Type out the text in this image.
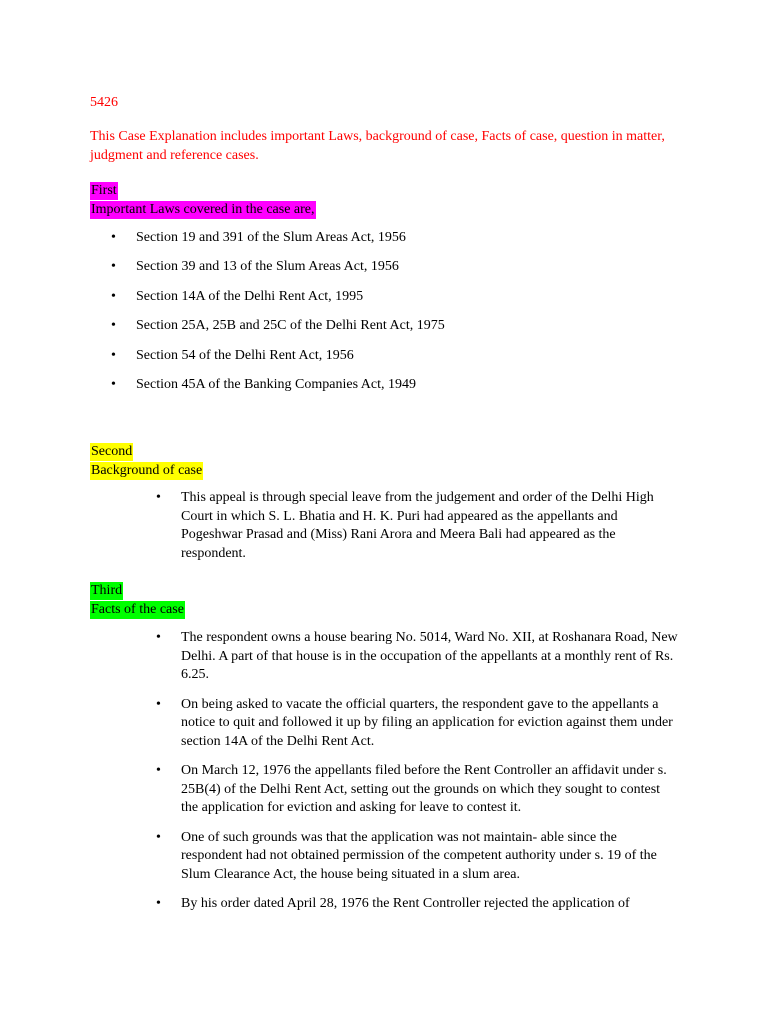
5426
This Case Explanation includes important Laws, background of case, Facts of case, question in matter, judgment and reference cases.
First
Important Laws covered in the case are,
• Section 19 and 391 of the Slum Areas Act, 1956
• Section 39 and 13 of the Slum Areas Act, 1956
• Section 14A of the Delhi Rent Act, 1995
• Section 25A, 25B and 25C of the Delhi Rent Act, 1975
• Section 54 of the Delhi Rent Act, 1956
• Section 45A of the Banking Companies Act, 1949
Second
Background of case
• This appeal is through special leave from the judgement and order of the Delhi High Court in which S. L. Bhatia and H. K. Puri had appeared as the appellants and Pogeshwar Prasad and (Miss) Rani Arora and Meera Bali had appeared as the respondent.
Third
Facts of the case
• The respondent owns a house bearing No. 5014, Ward No. XII, at Roshanara Road, New Delhi. A part of that house is in the occupation of the appellants at a monthly rent of Rs. 6.25.
• On being asked to vacate the official quarters, the respondent gave to the appellants a notice to quit and followed it up by filing an application for eviction against them under section 14A of the Delhi Rent Act.
• On March 12, 1976 the appellants filed before the Rent Controller an affidavit under s. 25B(4) of the Delhi Rent Act, setting out the grounds on which they sought to contest the application for eviction and asking for leave to contest it.
• One of such grounds was that the application was not maintain- able since the respondent had not obtained permission of the competent authority under s. 19 of the Slum Clearance Act, the house being situated in a slum area.
• By his order dated April 28, 1976 the Rent Controller rejected the application of
